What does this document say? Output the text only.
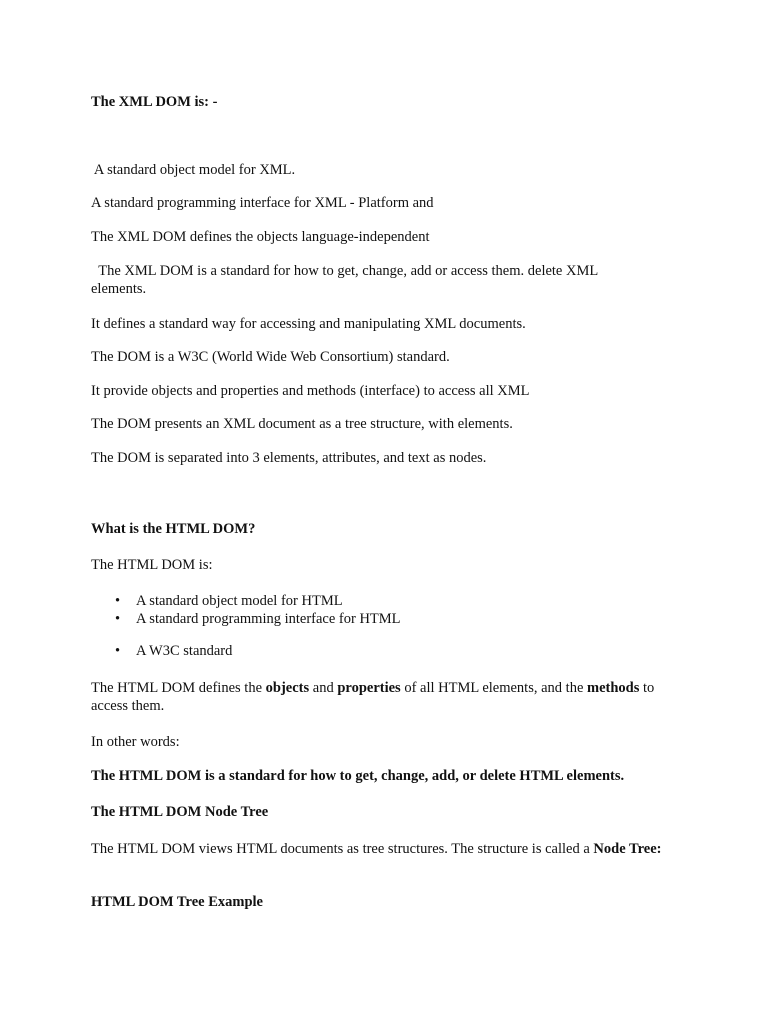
The XML DOM is: -

A standard object model for XML.

A standard programming interface for XML - Platform and

The XML DOM defines the objects language-independent

The XML DOM is a standard for how to get, change, add or access them. delete XML elements.

It defines a standard way for accessing and manipulating XML documents.

The DOM is a W3C (World Wide Web Consortium) standard.

It provide objects and properties and methods (interface) to access all XML

The DOM presents an XML document as a tree structure, with elements.

The DOM is separated into 3 elements, attributes, and text as nodes.

What is the HTML DOM?

The HTML DOM is:

• A standard object model for HTML
• A standard programming interface for HTML
• A W3C standard

The HTML DOM defines the objects and properties of all HTML elements, and the methods to access them.

In other words:

The HTML DOM is a standard for how to get, change, add, or delete HTML elements.

The HTML DOM Node Tree

The HTML DOM views HTML documents as tree structures. The structure is called a Node Tree:

HTML DOM Tree Example
